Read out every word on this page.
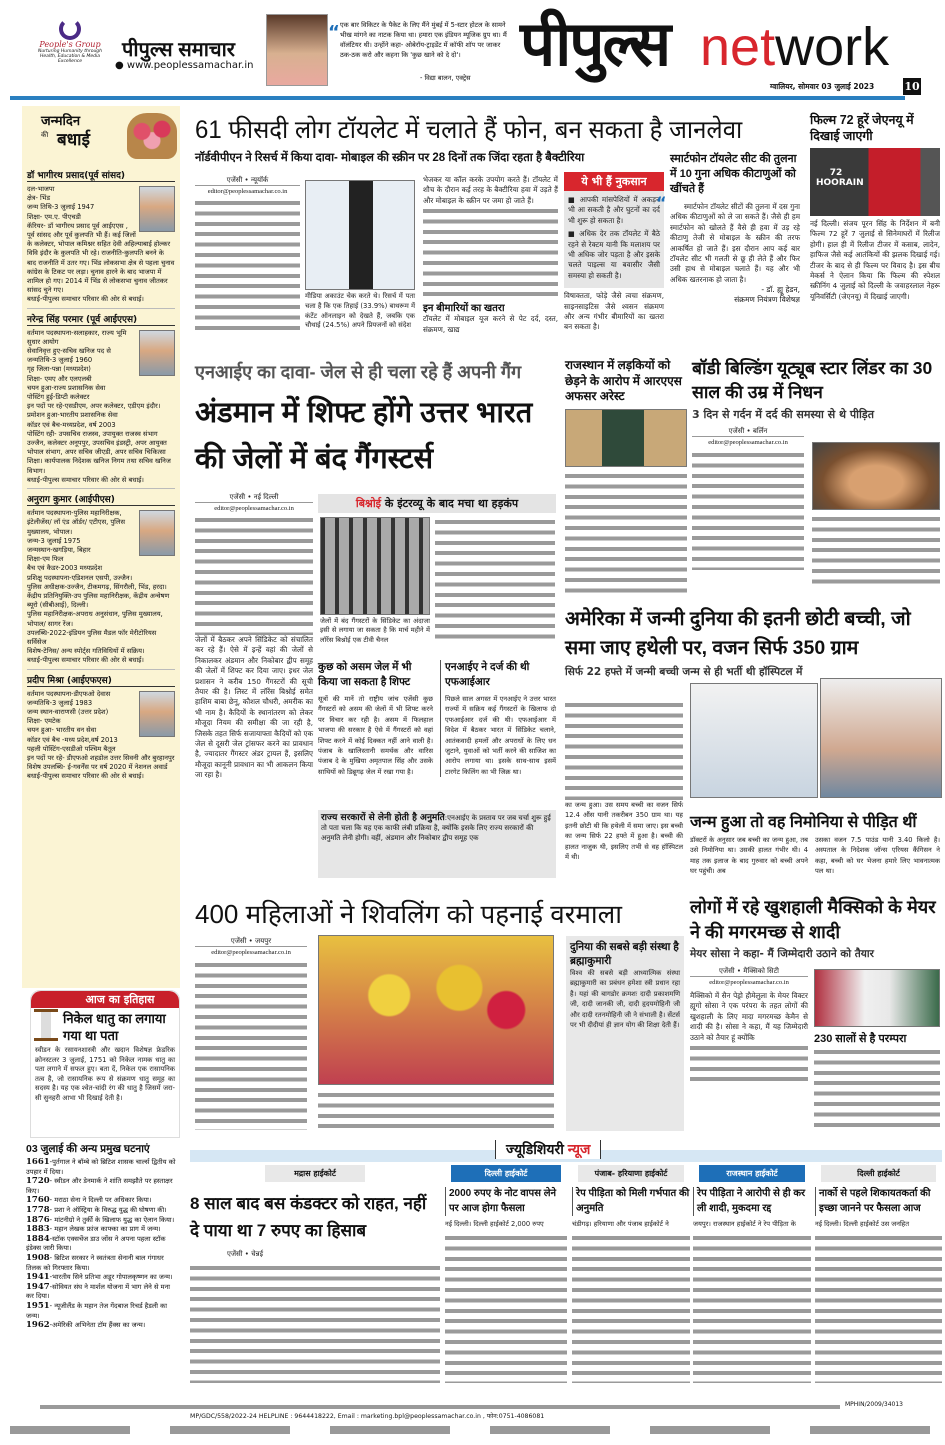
People's Group
Nurturing Humanity through Health, Education & Media Excellence
पीपुल्स समाचार
● www.peoplessamachar.in
“ एक बार विकिटर के पैकेट के लिए मैंने मुंबई में 5-स्टार होटल के सामने भीख मांगने का नाटक किया था। हमारा एक इंडियन म्यूजिक ग्रुप था। मैं वॉलंटियर थी। उन्होंने कहा- ओबेरॉय-ट्राइडेंट में कॉफी शॉप पर जाकर ठक-ठक करो और कहना कि 'कुछ खाने को दे दो'।
- विद्या बालन, एक्ट्रेस पीपुल्स network
ग्वालियर, सोमवार 03 जुलाई 2023	10
जन्मदिन
की बधाई
डॉ भागीरथ प्रसाद(पूर्व सांसद)
दल-भाजपा
क्षेत्र- भिंड
जन्म तिथि-3 जुलाई 1947
शिक्षा- एम.ए. पीएचडी
कॅरियर- डॉ भागीरथ प्रसाद पूर्व आईएएस , पूर्व सांसद और पूर्व कुलपति भी हैं। कई जिलों के कलेक्टर, भोपाल कमिश्नर सहित देवी अहिल्याबाई होल्कर विवि इंदौर के कुलपति भी रहे। राजनीति-कुलपति बनने के बाद राजनीति में उतर गए। भिंड लोकसभा क्षेत्र से पहला चुनाव कांग्रेस के टिकट पर लड़ा। चुनाव हारने के बाद भाजपा में शामिल हो गए। 2014 में भिंड से लोकसभा चुनाव जीतकर सांसद चुने गए।
बधाई-पीपुल्स समाचार परिवार की ओर से बधाई।
नरेन्द्र सिंह परमार (पूर्व आईएएस)
वर्तमान पदस्थापना-सलाहकार, राज्य भूमि सुधार आयोग
सेवानिवृत्त हुए-सचिव खनिज पद से
जन्मतिथि-3 जुलाई 1960
गृह जिला-पन्ना (मध्यप्रदेश)
शिक्षा- एमए और एलएलबी
चयन हुआ-राज्य प्रशासनिक सेवा
पोस्टिंग हुई-डिप्टी कलेक्टर
इन पदों पर रहे-एसडीएम, अपर कलेक्टर, एडीएम इंदौर।
प्रमोशन हुआ-भारतीय प्रशासनिक सेवा
कॉडर एवं बैच-मध्यप्रदेश, वर्ष 2003
पोस्टिंग रही- उपसचिव राजस्व, उपायुक्त राजस्व संभाग उज्जैन, कलेक्टर अनूपपुर, उपसचिव इंडस्ट्री, अपर आयुक्त भोपाल संभाग, अपर सचिव जीएडी, अपर सचिव चिकित्सा शिक्षा। कार्यपालक निदेशक खनिज निगम तथा सचिव खनिज विभाग।
बधाई-पीपुल्स समाचार परिवार की ओर से बधाई।
अनुराग कुमार (आईपीएस)
वर्तमान पदस्थापना-पुलिस महानिरीक्षक, इंटेलीजेंस/ लॉ एंड ऑर्डर/ एटीएस, पुलिस मुख्यालय, भोपाल।
जन्म-3 जुलाई 1975
जन्मस्थान-खगड़िया, बिहार
शिक्षा-एम फिल
बैच एवं कैडर-2003 मध्यप्रदेश
प्रशिक्षु पदस्थापना-एडिशनल एसपी, उज्जैन।
पुलिस अधीक्षक-उज्जैन, टीकमगढ़, सिंगरौली, भिंड, हरदा।
केंद्रीय प्रतिनियुक्ति-उप पुलिस महानिरीक्षक, केंद्रीय अन्वेषण ब्यूरो (सीबीआई), दिल्ली।
पुलिस महानिरीक्षक-अपराध अनुसंधान, पुलिस मुख्यालय, भोपाल/ सागर रेंज।
उपलब्धि-2022-इंडियन पुलिस मैडल फॉर मेरीटोरियस सर्विसेज
विशेष-टेनिस/ अन्य स्पोर्ट्स गतिविधियों में सक्रिय।
बधाई-पीपुल्स समाचार परिवार की ओर से बधाई।
प्रदीप मिश्रा (आईएफएस)
वर्तमान पदस्थापना-डीएफओ देवास
जन्मतिथि-3 जुलाई 1983
जन्म स्थान-वाराणसी (उत्तर प्रदेश)
शिक्षा- एमटेक
चयन हुआ- भारतीय वन सेवा
कॉडर एवं बैच -मध्य प्रदेश,वर्ष 2013
पहली पोस्टिंग-एसडीओ पश्चिम बैतूल
इन पदों पर रहे- डीएफओ शहडोल उत्तर सिवनी और बुरहानपुर
विशेष उपलब्धि- ई-गवर्नेंस पर वर्ष 2020 में नेशनल अवार्ड
बधाई-पीपुल्स समाचार परिवार की ओर से बधाई।
आज का इतिहास
निकेल धातु का लगाया गया था पता
स्वीडन के रसायनशास्त्री और खदान विशेषज्ञ फ्रेडरिक क्रोनस्टलर 3 जुलाई, 1751 को निकेल नामक धातु का पता लगाने में सफल हुए। बता दें, निकेल एक रासायनिक तत्व है, जो रासायनिक रूप से संक्रमण धातु समूह का सदस्य है। यह एक श्वेत-चांदी रंग की धातु है जिसमें जरा-सी सुनहरी आभा भी दिखाई देती है।
03 जुलाई की अन्य प्रमुख घटनाएं
1661-पुर्तगाल ने बॉम्बे को ब्रिटिश शासक चार्ल्स द्वितीय को उपहार में दिया।
1720- स्वीडन और डेनमार्क ने शांति समझौते पर हस्ताक्षर किए।
1760- मराठा सेना ने दिल्ली पर अधिकार किया।
1778- प्रशा ने ऑस्ट्रिया के विरुद्ध युद्ध की घोषणा की।
1876- मांटनीग्रो ने तुर्की के खिलाफ युद्ध का ऐलान किया।
1883- महान लेखक फ्रांज काफ्का का प्राग में जन्म।
1884-स्टॉक एक्सचेंज डाउ जोंस ने अपना पहला स्टॉक इंडेक्स जारी किया।
1908- ब्रिटिश सरकार ने स्वतंत्रता सेनानी बाल गंगाधर तिलक को गिरफ्तार किया।
1941-भारतीय सिने प्रतिभा अडूर गोपालकृष्णन का जन्म।
1947-सोवियत संघ ने मार्शल योजना में भाग लेने से मना कर दिया।
1951- न्यूजीलैंड के महान तेज गेंदबाज रिचर्ड हैडली का जन्म।
1962-अमेरिकी अभिनेता टॉम हैंक्स का जन्म।
61 फीसदी लोग टॉयलेट में चलाते हैं फोन, बन सकता है जानलेवा
नॉर्डवीपीएन ने रिसर्च में किया दावा- मोबाइल की स्क्रीन पर 28 दिनों तक जिंदा रहता है बैक्टीरिया
एजेंसी • न्यूयॉर्क
editor@peoplessamachar.co.in
मीडिया अकाउंट चेक करते थे। रिसर्च में पता चला है कि एक तिहाई (33.9%) बाथरूम में कंटेंट ऑनलाइन को देखते हैं, जबकि एक चौथाई (24.5%) अपने प्रियजनों को संदेश
भेजकर या कॉल करके उपयोग करते हैं। टॉयलेट में शौच के दौरान कई तरह के बैक्टीरिया हवा में उड़ते हैं और मोबाइल के स्क्रीन पर जमा हो जाते हैं।
इन बीमारियों का खतरा
टॉयलेट में मोबाइल यूज करने से पेट दर्द, दस्त, संक्रमण, खाद्य
ये भी हैं नुकसान
■ आपकी मांसपेशियों में अकड़न भी आ सकती है और घुटनों का दर्द भी शुरू हो सकता है।
■ अधिक देर तक टॉयलेट में बैठे रहने से रेक्टम यानी कि मलाशय पर भी अधिक जोर पड़ता है और इसके चलते पाइल्स या बवासीर जैसी समस्या हो सकती है।
विषाक्तता, फोड़े जैसे त्वचा संक्रमण, साइनसाइटिस जैसे श्वसन संक्रमण और अन्य गंभीर बीमारियों का खतरा बन सकता है।
स्मार्टफोन टॉयलेट सीट की तुलना में 10 गुना अधिक कीटाणुओं को खींचते हैं
“ स्मार्टफोन टॉयलेट सीटों की तुलना में दस गुना अधिक कीटाणुओं को ले जा सकते हैं। जैसे ही हम स्मार्टफोन को खोलते हैं वैसे ही हवा में उड़ रहे कीटाणु तेजी से मोबाइल के स्क्रीन की तरफ आकर्षित हो जाते हैं। इस दौरान आप कई बार टॉयलेट सीट भी गलती से छू ही लेते हैं और फिर उसी हाथ से मोबाइल चलाते हैं। यह और भी अधिक खतरनाक हो जाता है।
- डॉ. ह्यू हेडन,
संक्रमण नियंत्रण विशेषज्ञ
फिल्म 72 हूरें जेएनयू में दिखाई जाएगी
72 HOORAIN
नई दिल्ली। संजय पूरन सिंह के निर्देशन में बनी फिल्म 72 हूरें 7 जुलाई से सिनेमाघरों में रिलीज होगी। हाल ही में रिलीज टीजर में कसाब, लादेन, हाफिज जैसे कई आतंकियों की झलक दिखाई गई। टीजर के बाद से ही फिल्म पर विवाद है। इस बीच मेकर्स ने ऐलान किया कि फिल्म की स्पेशल स्क्रीनिंग 4 जुलाई को दिल्ली के जवाहरलाल नेहरू यूनिवर्सिटी (जेएनयू) में दिखाई जाएगी।
एनआईए का दावा- जेल से ही चला रहे हैं अपनी गैंग
अंडमान में शिफ्ट होंगे उत्तर भारत की जेलों में बंद गैंगस्टर्स
एजेंसी • नई दिल्ली
editor@peoplessamachar.co.in
जेलों में बैठकर अपने सिंडिकेट को संचालित कर रहे हैं। ऐसे में इन्हें वहां की जेलों से निकालकर अंडमान और निकोबार द्वीप समूह की जेलों में शिफ्ट कर दिया जाए। इधर जेल प्रशासन ने करीब 150 गैंगस्टरों की सूची तैयार की है। लिस्ट में लॉरेंस बिश्नोई समेत हाशिम बाबा छेनू, कौशल चौधरी, अमरीक का भी नाम है। कैदियों के स्थानांतरण को लेकर मौजूदा नियम की समीक्षा की जा रही है, जिसके तहत सिर्फ सजायाफ्ता कैदियों को एक जेल से दूसरी जेल ट्रांसफर करने का प्रावधान है, ज्यादातर गैंगस्टर अंडर ट्रायल हैं, इसलिए मौजूदा कानूनी प्रावधान का भी आकलन किया जा रहा है।
बिश्नोई के इंटरव्यू के बाद मचा था हड़कंप
जेलों में बंद गैंगस्टरों के सिंडिकेट का अंदाजा इसी से लगाया जा सकता है कि मार्च महीने में लॉरेंस बिश्नोई एक टीवी चैनल
कुछ को असम जेल में भी किया जा सकता है शिफ्ट
सूत्रों की मानें तो राष्ट्रीय जांच एजेंसी कुछ गैंगस्टरों को असम की जेलों में भी शिफ्ट करने पर विचार कर रही है। असम में फिलहाल भाजपा की सरकार है ऐसे में गैंगस्टरों को वहां शिफ्ट करने में कोई दिक्कत नहीं आने वाली है। पंजाब के खालिस्तानी समर्थक और वारिस पंजाब दे के मुखिया अमृतपाल सिंह और उसके साथियों को डिब्रूगढ़ जेल में रखा गया है।
एनआईए ने दर्ज की थी एफआईआर
पिछले साल अगस्त में एनआईए ने उत्तर भारत राज्यों में सक्रिय कई गैंगस्टरों के खिलाफ दो एफआईआर दर्ज की थी। एफआईआर में विदेश में बैठकर भारत में सिंडिकेट चलाने, आतंकवादी हमलों और अपराधों के लिए धन जुटाने, युवाओं को भर्ती करने की साजिश का आरोप लगाया था। इसके साथ-साथ इसमें टारगेट किलिंग का भी जिक्र था।
राज्य सरकारों से लेनी होती है अनुमति:एनआईए के प्रस्ताव पर जब चर्चा शुरू हुई तो पता चला कि यह एक काफी लंबी प्रक्रिया है, क्योंकि इसके लिए राज्य सरकारों की अनुमति लेनी होगी। वहीं, अंडमान और निकोबार द्वीप समूह एक
राजस्थान में लड़कियों को छेड़ने के आरोप में आरएएस अफसर अरेस्ट
बॉडी बिल्डिंग यूट्यूब स्टार लिंडर का 30 साल की उम्र में निधन
3 दिन से गर्दन में दर्द की समस्या से थे पीड़ित
एजेंसी • बर्लिन
editor@peoplessamachar.co.in
अमेरिका में जन्मी दुनिया की इतनी छोटी बच्ची, जो समा जाए हथेली पर, वजन सिर्फ 350 ग्राम
सिर्फ 22 हफ्ते में जन्मी बच्ची जन्म से ही भर्ती थी हॉस्पिटल में
का जन्म हुआ। उस समय बच्ची का वजन सिर्फ 12.4 औंस यानी तकरीबन 350 ग्राम था। यह इतनी छोटी थी कि हथेली में समा जाए। इस बच्ची का जन्म सिर्फ 22 हफ्ते में हुआ है। बच्ची की हालत नाजुक थी, इसलिए तभी से वह हॉस्पिटल में थी।
जन्म हुआ तो वह निमोनिया से पीड़ित थीं
डॉक्टरों के अनुसार जब बच्ची का जन्म हुआ, तब उसे निमोनिया था। उसकी हालत गंभीर थी। 4 माह तक इलाज के बाद गुरुवार को बच्ची अपने घर पहुंची। अब
उसका वजन 7.5 पाउंड यानी 3.40 किलो है। अस्पताल के निदेशक जॉन्स एरियस कैंगिसन ने कहा, बच्ची को घर भेजना हमारे लिए भावनात्मक पल था।
400 महिलाओं ने शिवलिंग को पहनाई वरमाला
एजेंसी • जयपुर
editor@peoplessamachar.co.in	दुनिया की सबसे बड़ी संस्था है ब्रह्माकुमारी
विश्व की सबसे बड़ी आध्यात्मिक संस्था ब्रह्माकुमारी का प्रबंधन हमेशा स्त्री प्रधान रहा है। यहां की बागडोर क्रमशः दादी प्रकाशमणि जी, दादी जानकी जी, दादी हृदयमोहिनी जी और दादी रतनमोहिनी जी ने संभाली है। सेंटर्स पर भी दीदीयां ही ज्ञान योग की शिक्षा देती हैं।
लोगों में रहे खुशहाली मैक्सिको के मेयर ने की मगरमच्छ से शादी
मेयर सोसा ने कहा- मैं जिम्मेदारी उठाने को तैयार
एजेंसी • मैक्सिको सिटी
editor@peoplessamachar.co.in
मैक्सिको में सैन पेड्रो हौमेलुला के मेयर विक्टर ह्यूगो सोसा ने एक परंपरा के तहत लोगों की खुशहाली के लिए मादा मगरमच्छ केमैन से शादी की है। सोसा ने कहा, मैं यह जिम्मेदारी उठाने को तैयार हूं क्योंकि	230 सालों से है परम्परा
ज्यूडिशियरी न्यूज
मद्रास हाईकोर्ट
8 साल बाद बस कंडक्टर को राहत, नहीं दे पाया था 7 रुपए का हिसाब
एजेंसी • चेन्नई
दिल्ली हाईकोर्ट
2000 रुपए के नोट वापस लेने पर आज होगा फैसला
नई दिल्ली। दिल्ली हाईकोर्ट 2,000 रुपए
पंजाब- हरियाणा हाईकोर्ट
रेप पीड़िता को मिली गर्भपात की अनुमति
चंडीगढ़। हरियाणा और पंजाब हाईकोर्ट ने
राजस्थान हाईकोर्ट
रेप पीड़िता ने आरोपी से ही कर ली शादी, मुकदमा रद्द
जयपुर। राजस्थान हाईकोर्ट ने रेप पीड़िता के
दिल्ली हाईकोर्ट
नार्को से पहले शिकायतकर्ता की इच्छा जानने पर फैसला आज
नई दिल्ली। दिल्ली हाईकोर्ट उस जनहित
MPHIN/2009/34013
MP/GDC/558/2022-24 HELPLINE : 9644418222, Email : marketing.bpl@peoplessamachar.co.in , फोन:0751-4086081
